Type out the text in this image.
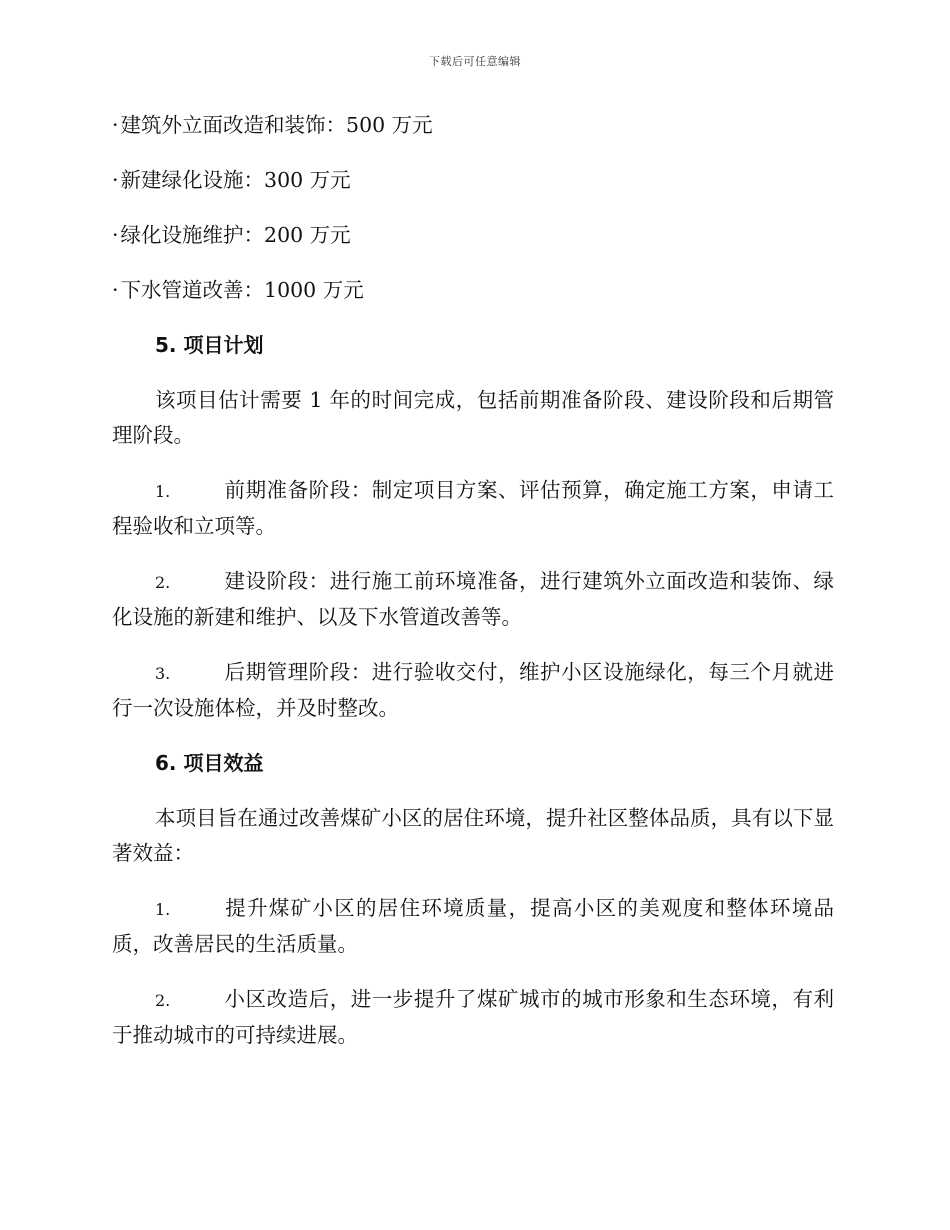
下载后可任意编辑

·建筑外立面改造和装饰：500 万元

·新建绿化设施：300 万元

·绿化设施维护：200 万元

·下水管道改善：1000 万元

5. 项目计划

该项目估计需要 1 年的时间完成，包括前期准备阶段、建设阶段和后期管理阶段。

1.	前期准备阶段：制定项目方案、评估预算，确定施工方案，申请工程验收和立项等。

2.	建设阶段：进行施工前环境准备，进行建筑外立面改造和装饰、绿化设施的新建和维护、以及下水管道改善等。

3.	后期管理阶段：进行验收交付，维护小区设施绿化，每三个月就进行一次设施体检，并及时整改。

6. 项目效益

本项目旨在通过改善煤矿小区的居住环境，提升社区整体品质，具有以下显著效益：

1.	提升煤矿小区的居住环境质量，提高小区的美观度和整体环境品质，改善居民的生活质量。

2.	小区改造后，进一步提升了煤矿城市的城市形象和生态环境，有利于推动城市的可持续进展。
